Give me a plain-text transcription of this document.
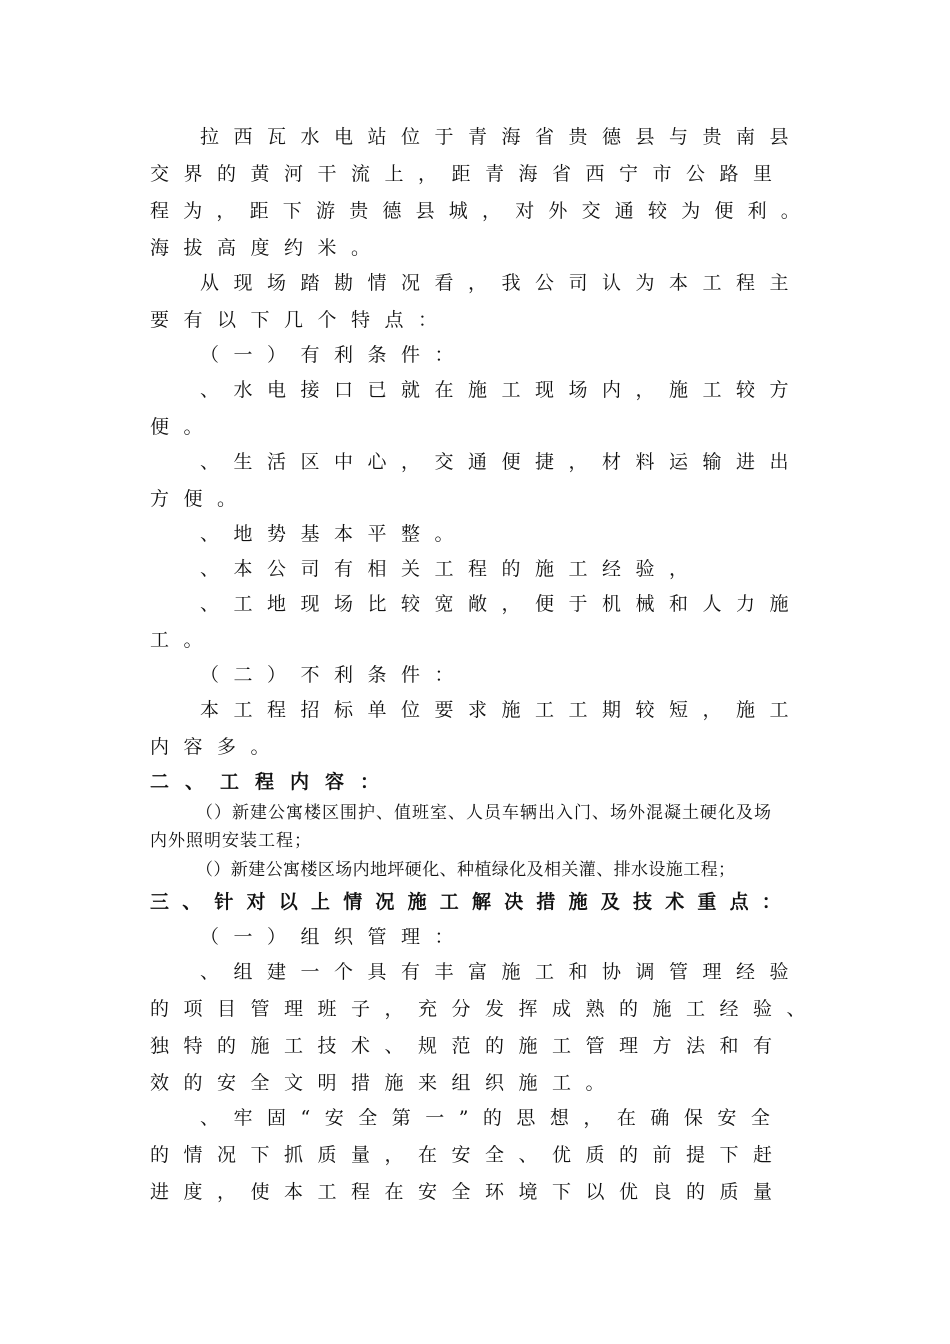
拉西瓦水电站位于青海省贵德县与贵南县
交界的黄河干流上，距青海省西宁市公路里
程为，距下游贵德县城，对外交通较为便利。
海拔高度约米。
从现场踏勘情况看，我公司认为本工程主
要有以下几个特点：
（一）有利条件：
、水电接口已就在施工现场内，施工较方
便。
、生活区中心，交通便捷，材料运输进出
方便。
、地势基本平整。
、本公司有相关工程的施工经验，
、工地现场比较宽敞，便于机械和人力施
工。
（二）不利条件：
本工程招标单位要求施工工期较短，施工
内容多。
二、工程内容：
（）新建公寓楼区围护、值班室、人员车辆出入门、场外混凝土硬化及场
内外照明安装工程；
（）新建公寓楼区场内地坪硬化、种植绿化及相关灌、排水设施工程；
三、针对以上情况施工解决措施及技术重点：
（一）组织管理：
、组建一个具有丰富施工和协调管理经验
的项目管理班子，充分发挥成熟的施工经验、
独特的施工技术、规范的施工管理方法和有
效的安全文明措施来组织施工。
、牢固“安全第一”的思想，在确保安全
的情况下抓质量，在安全、优质的前提下赶
进度，使本工程在安全环境下以优良的质量
